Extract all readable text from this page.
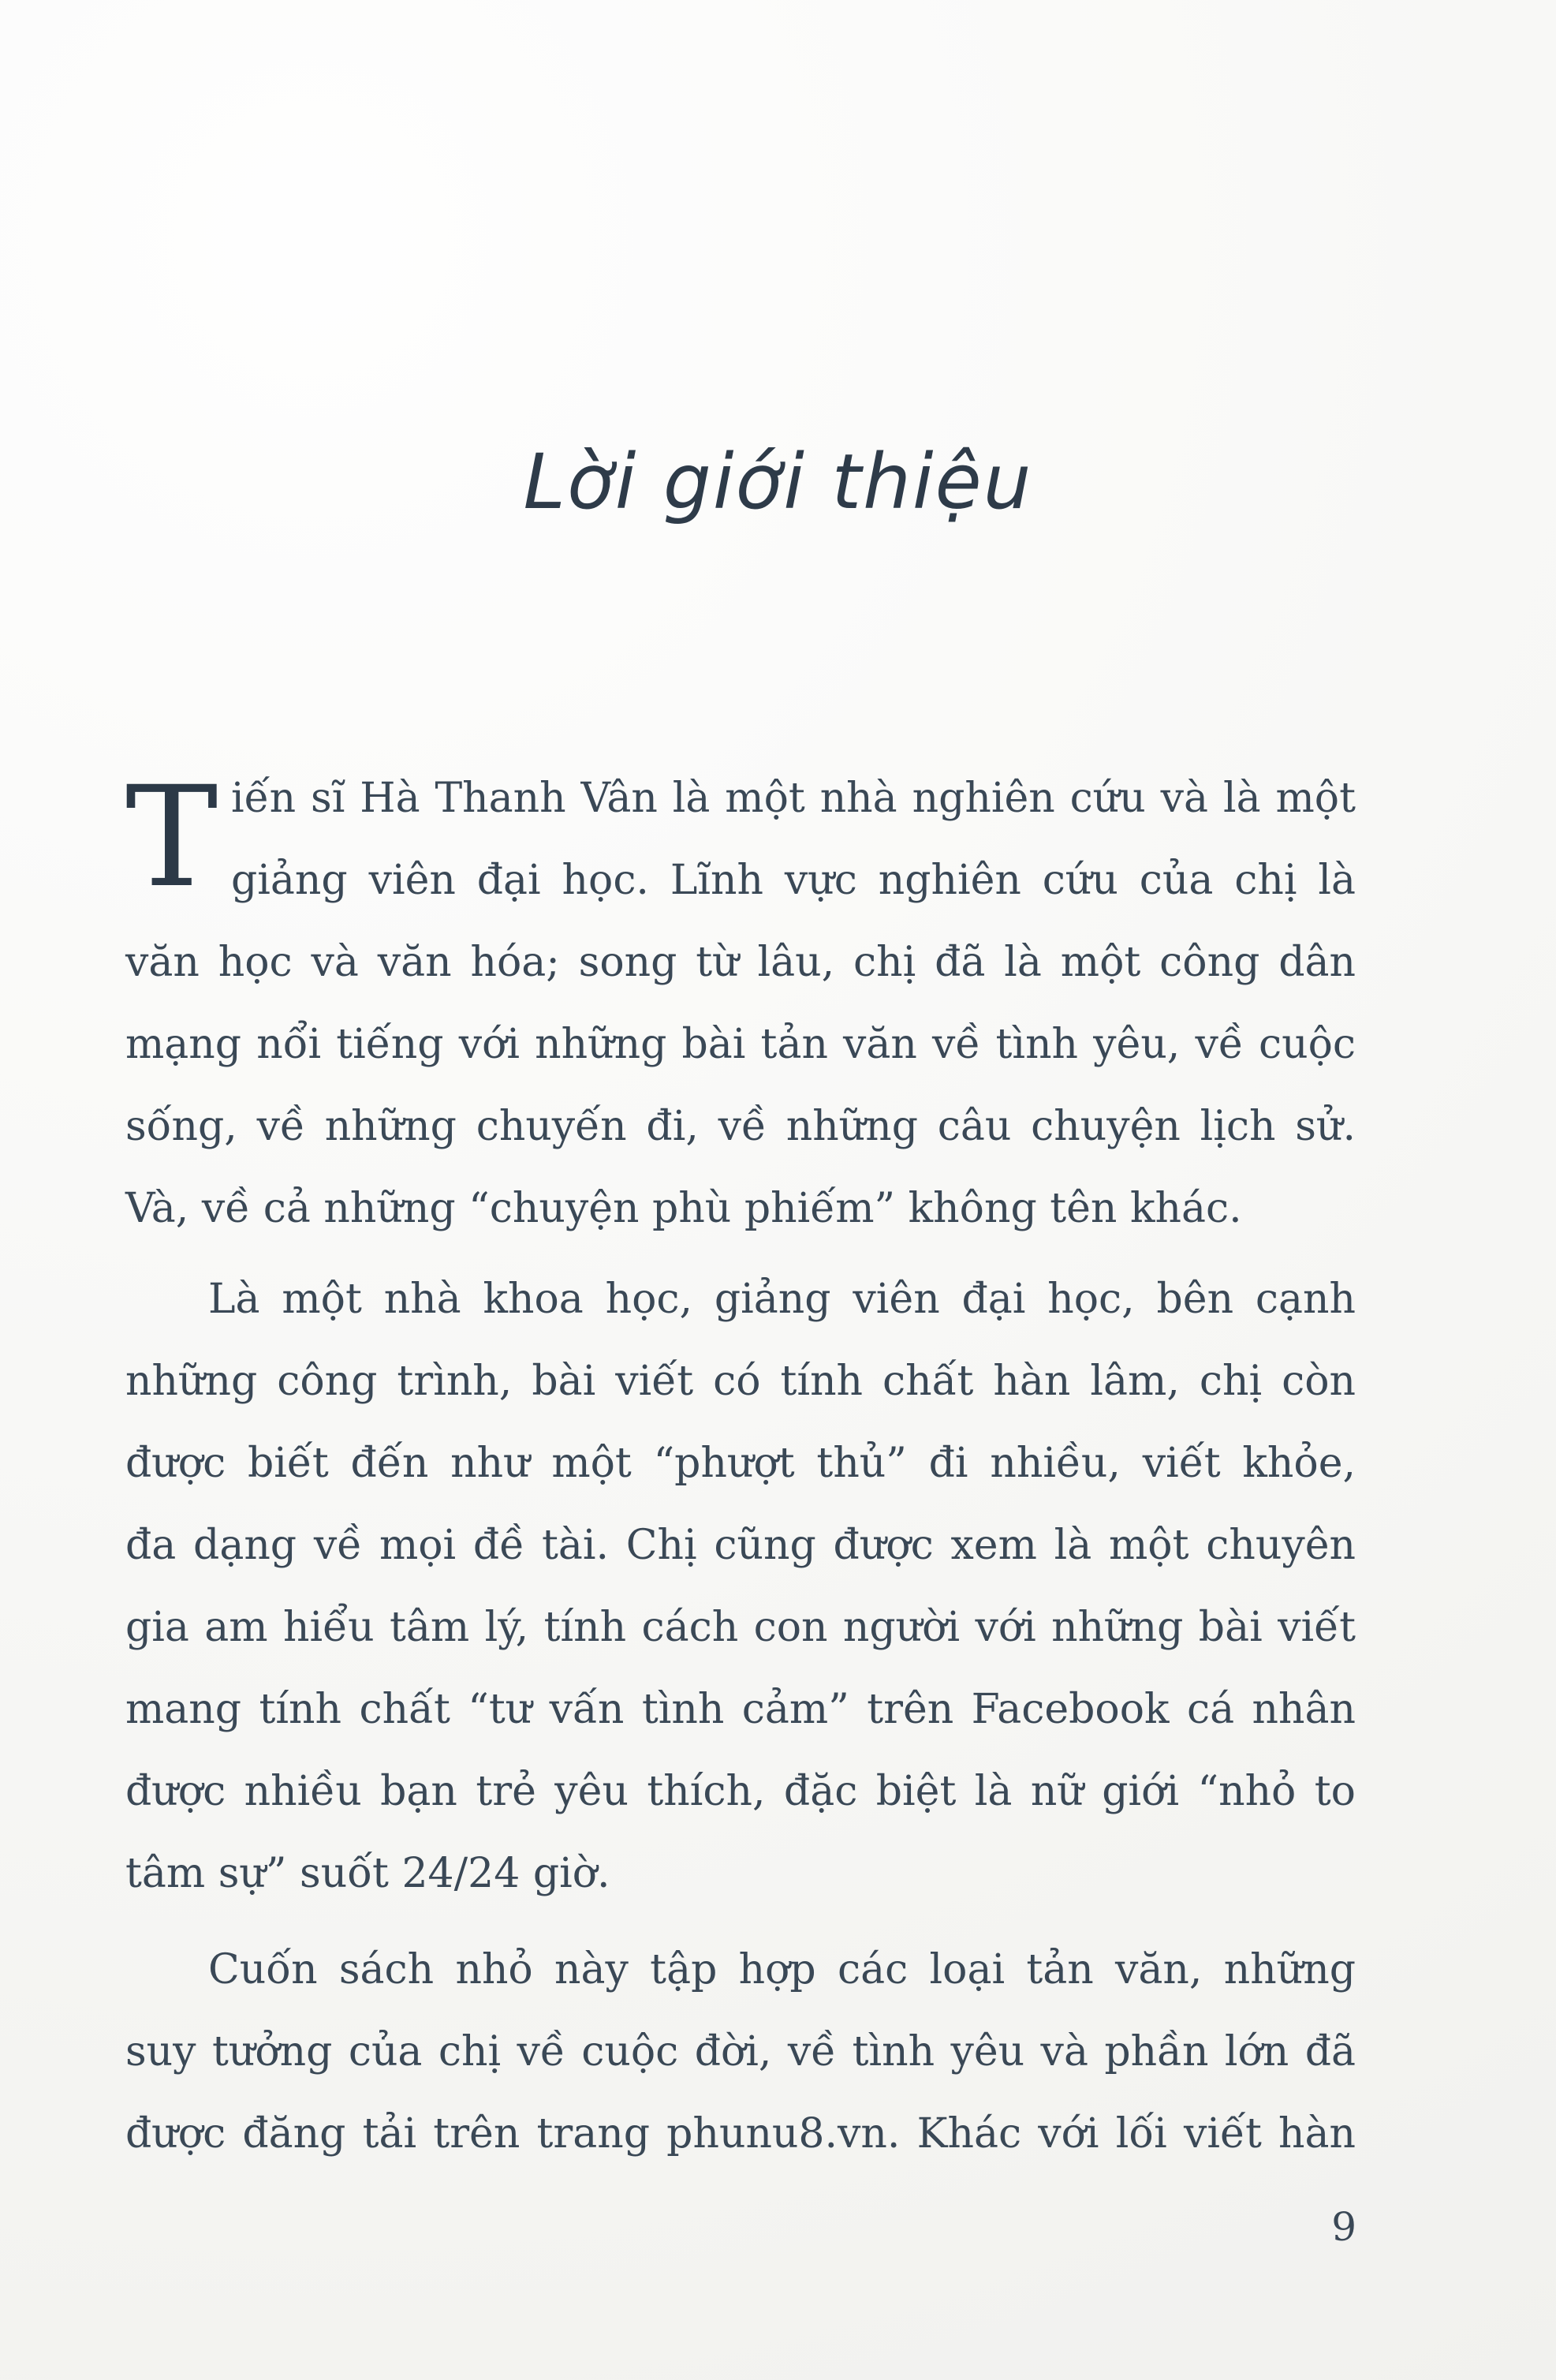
Lời giới thiệu
T iến sĩ Hà Thanh Vân là một nhà nghiên cứu và là một
giảng viên đại học. Lĩnh vực nghiên cứu của chị là
văn học và văn hóa; song từ lâu, chị đã là một công dân
mạng nổi tiếng với những bài tản văn về tình yêu, về cuộc
sống, về những chuyến đi, về những câu chuyện lịch sử.
Và, về cả những “chuyện phù phiếm” không tên khác.
Là một nhà khoa học, giảng viên đại học, bên cạnh
những công trình, bài viết có tính chất hàn lâm, chị còn
được biết đến như một “phượt thủ” đi nhiều, viết khỏe,
đa dạng về mọi đề tài. Chị cũng được xem là một chuyên
gia am hiểu tâm lý, tính cách con người với những bài viết
mang tính chất “tư vấn tình cảm” trên Facebook cá nhân
được nhiều bạn trẻ yêu thích, đặc biệt là nữ giới “nhỏ to
tâm sự” suốt 24/24 giờ.
Cuốn sách nhỏ này tập hợp các loại tản văn, những
suy tưởng của chị về cuộc đời, về tình yêu và phần lớn đã
được đăng tải trên trang phunu8.vn. Khác với lối viết hàn
9
